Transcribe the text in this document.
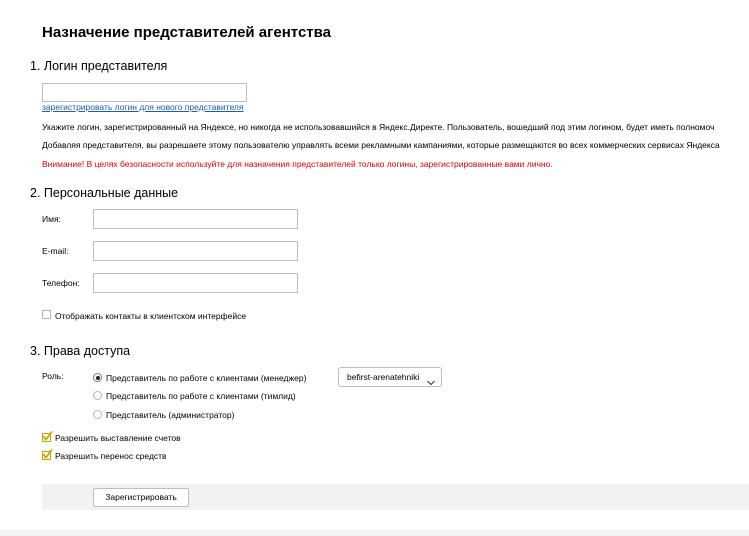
Назначение представителей агентства
1. Логин представителя
зарегистрировать логин для нового представителя
Укажите логин, зарегистрированный на Яндексе, но никогда не использовавшийся в Яндекс.Директе. Пользователь, вошедший под этим логином, будет иметь полномоч
Добавляя представителя, вы разрешаете этому пользователю управлять всеми рекламными кампаниями, которые размещаются во всех коммерческих сервисах Яндекса
Внимание! В целях безопасности используйте для назначения представителей только логины, зарегистрированные вами лично.
2. Персональные данные
Имя:
E-mail:
Телефон:
Отображать контакты в клиентском интерфейсе
3. Права доступа
Роль:	Представитель по работе с клиентами (менеджер)
Представитель по работе с клиентами (тимлид)
Представитель (администратор)
befirst-arenatehniki
Разрешить выставление счетов
Разрешить перенос средств
Зарегистрировать
